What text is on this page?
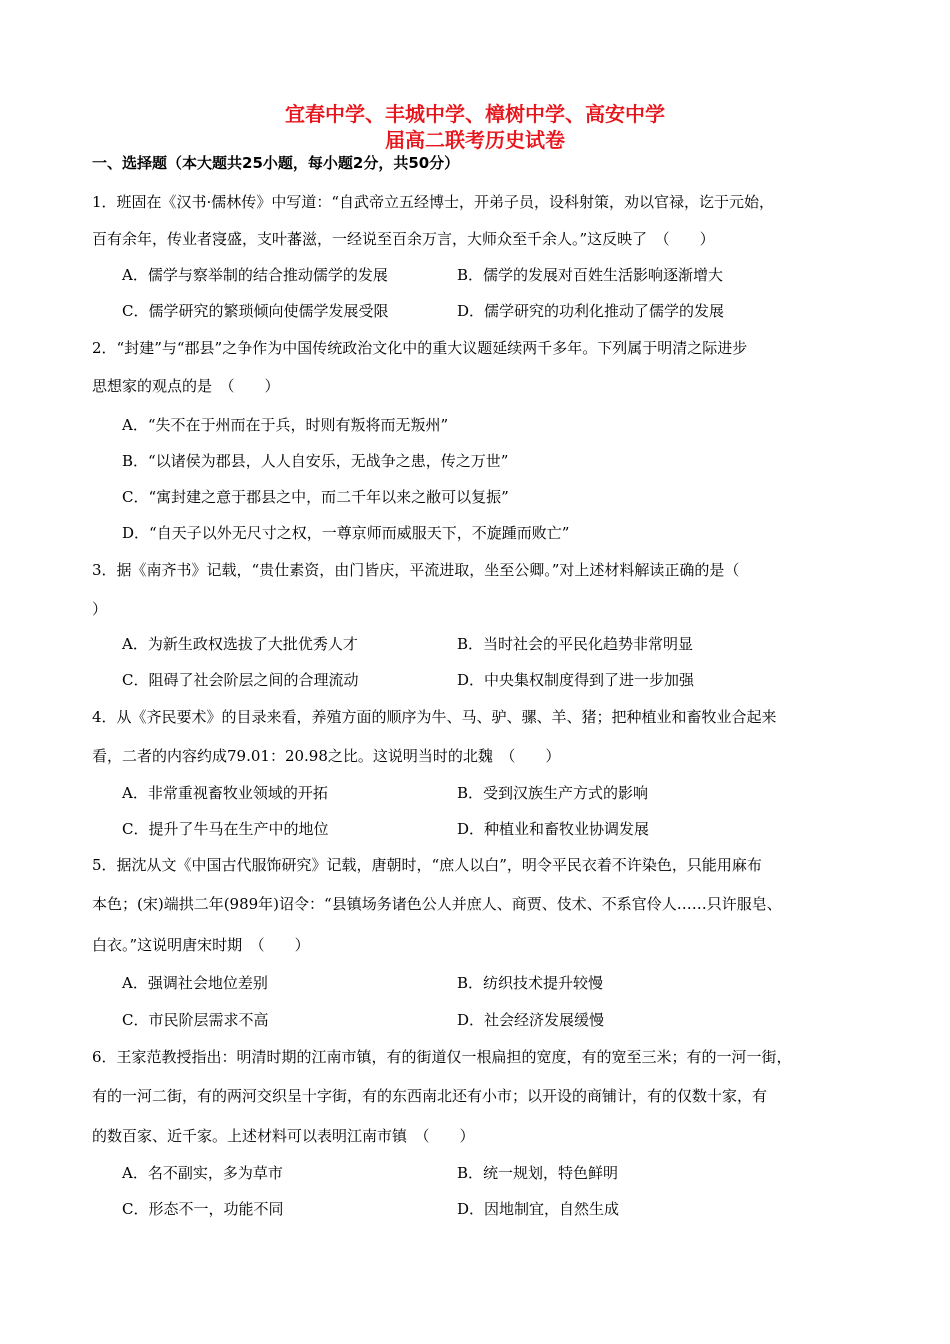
宜春中学、丰城中学、樟树中学、高安中学
届高二联考历史试卷
一、选择题（本大题共25小题，每小题2分，共50分）
1．班固在《汉书·儒林传》中写道：“自武帝立五经博士，开弟子员，设科射策，劝以官禄，讫于元始，
百有余年，传业者寖盛，支叶蕃滋，一经说至百余万言，大师众至千余人。”这反映了　（　　）
A．儒学与察举制的结合推动儒学的发展	B．儒学的发展对百姓生活影响逐渐增大
C．儒学研究的繁琐倾向使儒学发展受限	D．儒学研究的功利化推动了儒学的发展
2．“封建”与“郡县”之争作为中国传统政治文化中的重大议题延续两千多年。下列属于明清之际进步
思想家的观点的是　（　　）
A．“失不在于州而在于兵，时则有叛将而无叛州”
B．“以诸侯为郡县，人人自安乐，无战争之患，传之万世”
C．“寓封建之意于郡县之中，而二千年以来之敝可以复振”
D．“自天子以外无尺寸之权，一尊京师而威服天下，不旋踵而败亡”
3．据《南齐书》记载，“贵仕素资，由门皆庆，平流进取，坐至公卿。”对上述材料解读正确的是（
）
A．为新生政权选拔了大批优秀人才	B．当时社会的平民化趋势非常明显
C．阻碍了社会阶层之间的合理流动	D．中央集权制度得到了进一步加强
4．从《齐民要术》的目录来看，养殖方面的顺序为牛、马、驴、骡、羊、猪；把种植业和畜牧业合起来
看，二者的内容约成79.01：20.98之比。这说明当时的北魏　（　　）
A．非常重视畜牧业领域的开拓	B．受到汉族生产方式的影响
C．提升了牛马在生产中的地位	D．种植业和畜牧业协调发展
5．据沈从文《中国古代服饰研究》记载，唐朝时，“庶人以白”，明令平民衣着不许染色，只能用麻布
本色；(宋)端拱二年(989年)诏令：“县镇场务诸色公人并庶人、商贾、伎术、不系官伶人……只许服皂、
白衣。”这说明唐宋时期　（　　）
A．强调社会地位差别	B．纺织技术提升较慢
C．市民阶层需求不高	D．社会经济发展缓慢
6．王家范教授指出：明清时期的江南市镇，有的街道仅一根扁担的宽度，有的宽至三米；有的一河一街，
有的一河二街，有的两河交织呈十字街，有的东西南北还有小市；以开设的商铺计，有的仅数十家，有
的数百家、近千家。上述材料可以表明江南市镇　（　　）
A．名不副实，多为草市	B．统一规划，特色鲜明
C．形态不一，功能不同	D．因地制宜，自然生成
